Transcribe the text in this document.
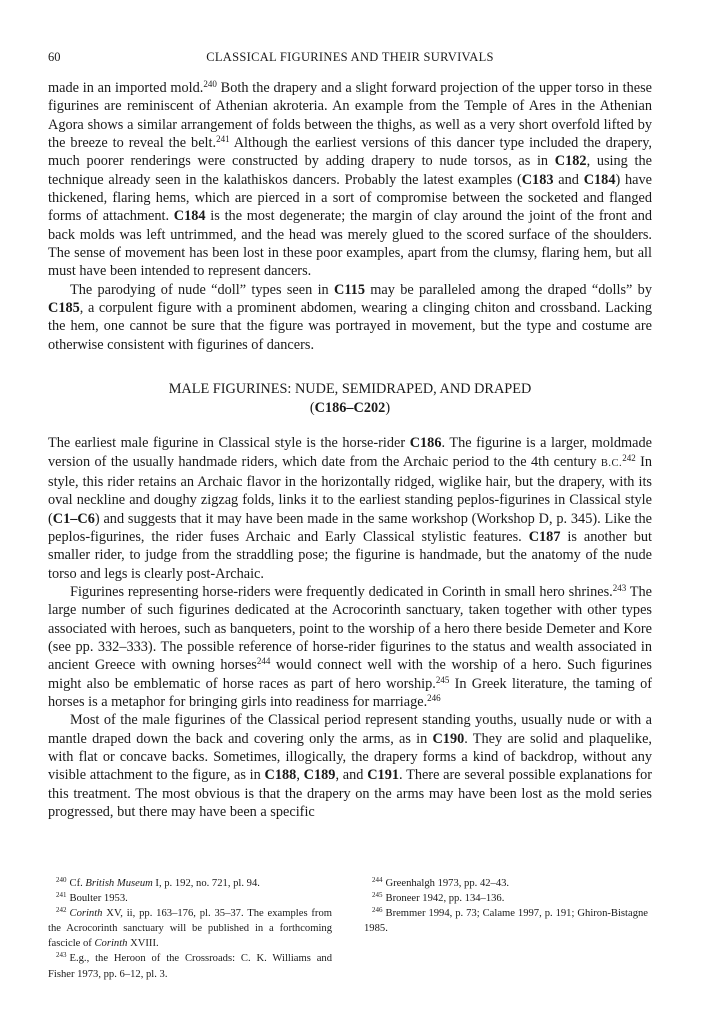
60	CLASSICAL FIGURINES AND THEIR SURVIVALS

made in an imported mold.$^{240}$ Both the drapery and a slight forward projection of the upper torso in these figurines are reminiscent of Athenian akroteria. An example from the Temple of Ares in the Athenian Agora shows a similar arrangement of folds between the thighs, as well as a very short overfold lifted by the breeze to reveal the belt.$^{241}$ Although the earliest versions of this dancer type included the drapery, much poorer renderings were constructed by adding drapery to nude torsos, as in C182, using the technique already seen in the kalathiskos dancers. Probably the latest examples (C183 and C184) have thickened, flaring hems, which are pierced in a sort of compromise between the socketed and flanged forms of attachment. C184 is the most degenerate; the margin of clay around the joint of the front and back molds was left untrimmed, and the head was merely glued to the scored surface of the shoulders. The sense of movement has been lost in these poor examples, apart from the clumsy, flaring hem, but all must have been intended to represent dancers.

The parodying of nude “doll” types seen in C115 may be paralleled among the draped “dolls” by C185, a corpulent figure with a prominent abdomen, wearing a clinging chiton and crossband. Lacking the hem, one cannot be sure that the figure was portrayed in movement, but the type and costume are otherwise consistent with figurines of dancers.

MALE FIGURINES: NUDE, SEMIDRAPED, AND DRAPED
(C186–C202)

The earliest male figurine in Classical style is the horse-rider C186. The figurine is a larger, moldmade version of the usually handmade riders, which date from the Archaic period to the 4th century B.C.$^{242}$ In style, this rider retains an Archaic flavor in the horizontally ridged, wiglike hair, but the drapery, with its oval neckline and doughy zigzag folds, links it to the earliest standing peplos-figurines in Classical style (C1–C6) and suggests that it may have been made in the same workshop (Workshop D, p. 345). Like the peplos-figurines, the rider fuses Archaic and Early Classical stylistic features. C187 is another but smaller rider, to judge from the straddling pose; the figurine is handmade, but the anatomy of the nude torso and legs is clearly post-Archaic.

Figurines representing horse-riders were frequently dedicated in Corinth in small hero shrines.$^{243}$ The large number of such figurines dedicated at the Acrocorinth sanctuary, taken together with other types associated with heroes, such as banqueters, point to the worship of a hero there beside Demeter and Kore (see pp. 332–333). The possible reference of horse-rider figurines to the status and wealth associated in ancient Greece with owning horses$^{244}$ would connect well with the worship of a hero. Such figurines might also be emblematic of horse races as part of hero worship.$^{245}$ In Greek literature, the taming of horses is a metaphor for bringing girls into readiness for marriage.$^{246}$

Most of the male figurines of the Classical period represent standing youths, usually nude or with a mantle draped down the back and covering only the arms, as in C190. They are solid and plaquelike, with flat or concave backs. Sometimes, illogically, the drapery forms a kind of backdrop, without any visible attachment to the figure, as in C188, C189, and C191. There are several possible explanations for this treatment. The most obvious is that the drapery on the arms may have been lost as the mold series progressed, but there may have been a specific

$^{240}$ Cf. British Museum I, p. 192, no. 721, pl. 94.

$^{241}$ Boulter 1953.

$^{242}$ Corinth XV, ii, pp. 163–176, pl. 35–37. The examples from the Acrocorinth sanctuary will be published in a forthcoming fascicle of Corinth XVIII.

$^{243}$ E.g., the Heroon of the Crossroads: C. K. Williams and Fisher 1973, pp. 6–12, pl. 3.

$^{244}$ Greenhalgh 1973, pp. 42–43.

$^{245}$ Broneer 1942, pp. 134–136.

$^{246}$ Bremmer 1994, p. 73; Calame 1997, p. 191; Ghiron-Bistagne 1985.
